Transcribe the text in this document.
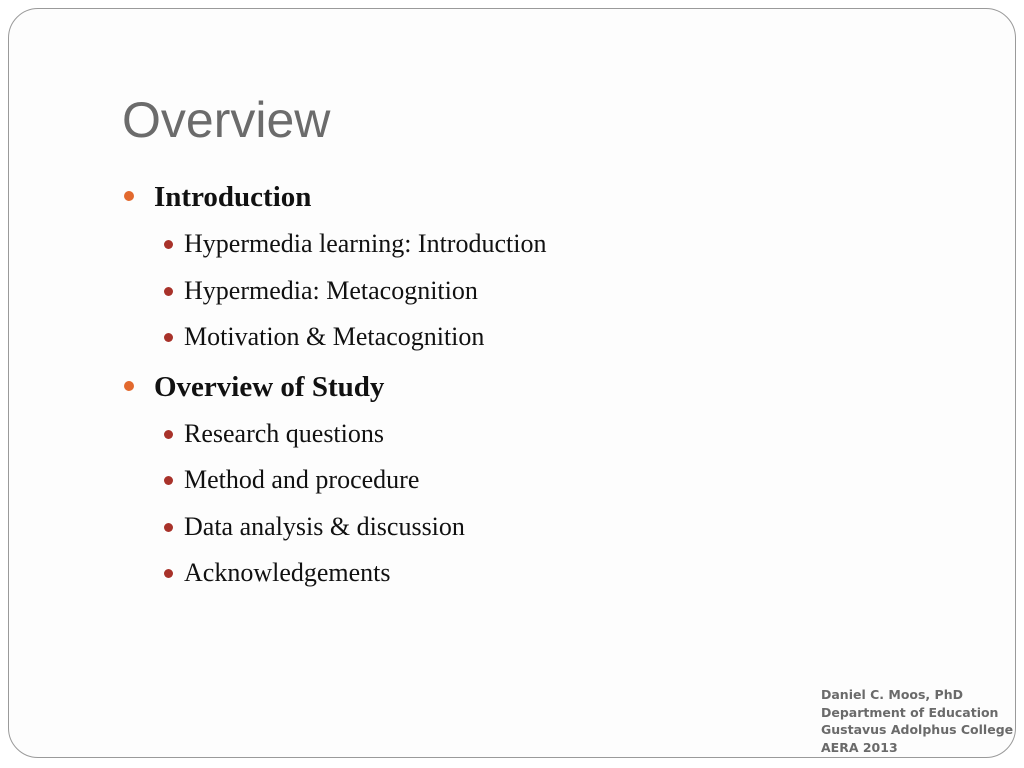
Overview
Introduction
Hypermedia learning: Introduction
Hypermedia: Metacognition
Motivation & Metacognition
Overview of Study
Research questions
Method and procedure
Data analysis & discussion
Acknowledgements
Daniel C. Moos, PhD
Department of Education
Gustavus Adolphus College
AERA 2013
